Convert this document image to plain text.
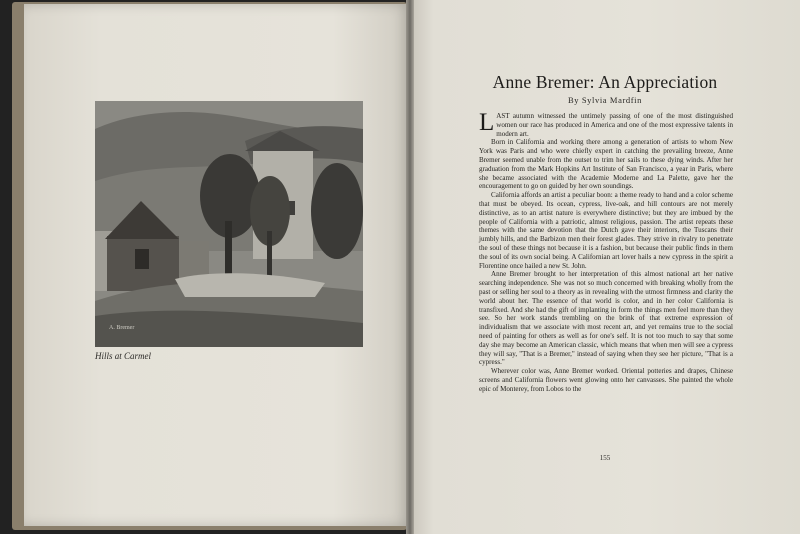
A. Bremer
Hills at Carmel
Anne Bremer: An Appreciation
By Sylvia Mardfin

LAST autumn witnessed the untimely passing of one of the most distinguished women our race has produced in America and one of the most expressive talents in modern art.

Born in California and working there among a generation of artists to whom New York was Paris and who were chiefly expert in catching the prevailing breeze, Anne Bremer seemed unable from the outset to trim her sails to these dying winds. After her graduation from the Mark Hopkins Art Institute of San Francisco, a year in Paris, where she became associated with the Academie Moderne and La Palette, gave her the encouragement to go on guided by her own soundings.

California affords an artist a peculiar boon: a theme ready to hand and a color scheme that must be obeyed. Its ocean, cypress, live-oak, and hill contours are not merely distinctive, as to an artist nature is everywhere distinctive; but they are imbued by the people of California with a patriotic, almost religious, passion. The artist repeats these themes with the same devotion that the Dutch gave their interiors, the Tuscans their jumbly hills, and the Barbizon men their forest glades. They strive in rivalry to penetrate the soul of these things not because it is a fashion, but because their public finds in them the soul of its own social being. A Californian art lover hails a new cypress in the spirit a Florentine once hailed a new St. John.

Anne Bremer brought to her interpretation of this almost national art her native searching independence. She was not so much concerned with breaking wholly from the past or selling her soul to a theory as in revealing with the utmost firmness and clarity the world about her. The essence of that world is color, and in her color California is transfixed. And she had the gift of implanting in form the things men feel more than they see. So her work stands trembling on the brink of that extreme expression of individualism that we associate with most recent art, and yet remains true to the social need of painting for others as well as for one's self. It is not too much to say that some day she may become an American classic, which means that when men will see a cypress they will say, "That is a Bremer," instead of saying when they see her picture, "That is a cypress."

Wherever color was, Anne Bremer worked. Oriental potteries and drapes, Chinese screens and California flowers went glowing onto her canvasses. She painted the whole epic of Monterey, from Lobos to the

155
